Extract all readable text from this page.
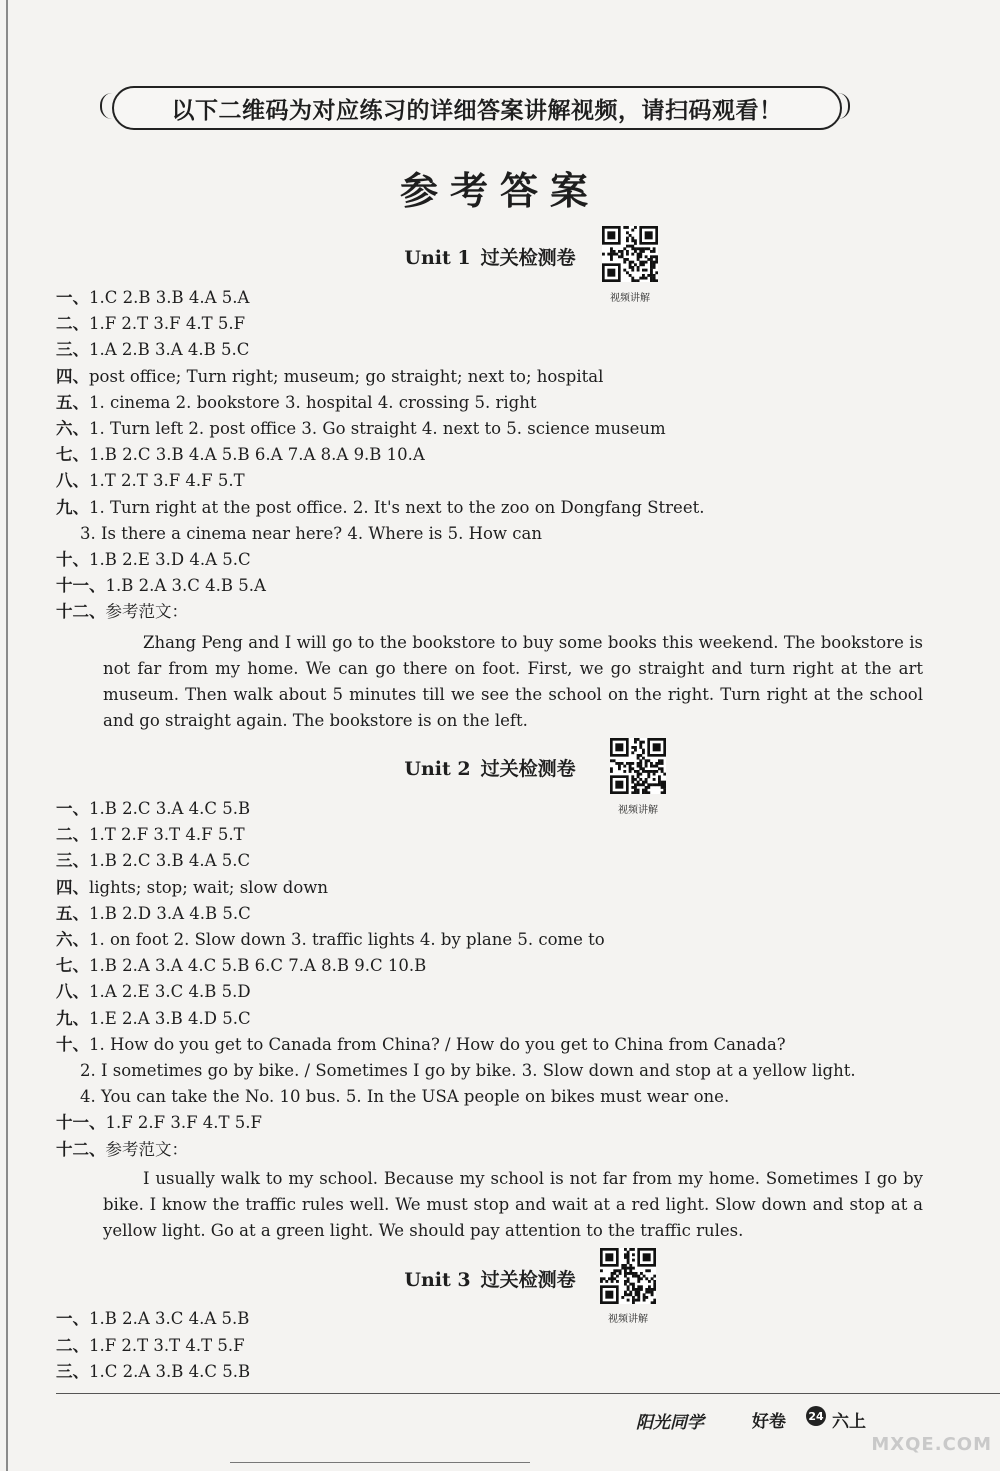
以下二维码为对应练习的详细答案讲解视频，请扫码观看！
参考答案
Unit 1 过关检测卷
视频讲解
一、1.C 2.B 3.B 4.A 5.A
二、1.F 2.T 3.F 4.T 5.F
三、1.A 2.B 3.A 4.B 5.C
四、post office; Turn right; museum; go straight; next to; hospital
五、1. cinema 2. bookstore 3. hospital 4. crossing 5. right
六、1. Turn left 2. post office 3. Go straight 4. next to 5. science museum
七、1.B 2.C 3.B 4.A 5.B 6.A 7.A 8.A 9.B 10.A
八、1.T 2.T 3.F 4.F 5.T
九、1. Turn right at the post office. 2. It's next to the zoo on Dongfang Street.
3. Is there a cinema near here? 4. Where is 5. How can
十、1.B 2.E 3.D 4.A 5.C
十一、1.B 2.A 3.C 4.B 5.A
十二、参考范文：
Zhang Peng and I will go to the bookstore to buy some books this weekend. The bookstore is not far from my home. We can go there on foot. First, we go straight and turn right at the art museum. Then walk about 5 minutes till we see the school on the right. Turn right at the school and go straight again. The bookstore is on the left.
Unit 2 过关检测卷
视频讲解
一、1.B 2.C 3.A 4.C 5.B
二、1.T 2.F 3.T 4.F 5.T
三、1.B 2.C 3.B 4.A 5.C
四、lights; stop; wait; slow down
五、1.B 2.D 3.A 4.B 5.C
六、1. on foot 2. Slow down 3. traffic lights 4. by plane 5. come to
七、1.B 2.A 3.A 4.C 5.B 6.C 7.A 8.B 9.C 10.B
八、1.A 2.E 3.C 4.B 5.D
九、1.E 2.A 3.B 4.D 5.C
十、1. How do you get to Canada from China? / How do you get to China from Canada?
2. I sometimes go by bike. / Sometimes I go by bike. 3. Slow down and stop at a yellow light.
4. You can take the No. 10 bus. 5. In the USA people on bikes must wear one.
十一、1.F 2.F 3.F 4.T 5.F
十二、参考范文：
I usually walk to my school. Because my school is not far from my home. Sometimes I go by bike. I know the traffic rules well. We must stop and wait at a red light. Slow down and stop at a yellow light. Go at a green light. We should pay attention to the traffic rules.
Unit 3 过关检测卷
视频讲解
一、1.B 2.A 3.C 4.A 5.B
二、1.F 2.T 3.T 4.T 5.F
三、1.C 2.A 3.B 4.C 5.B
阳光同学	好卷 24 六上
MXQE.COM
